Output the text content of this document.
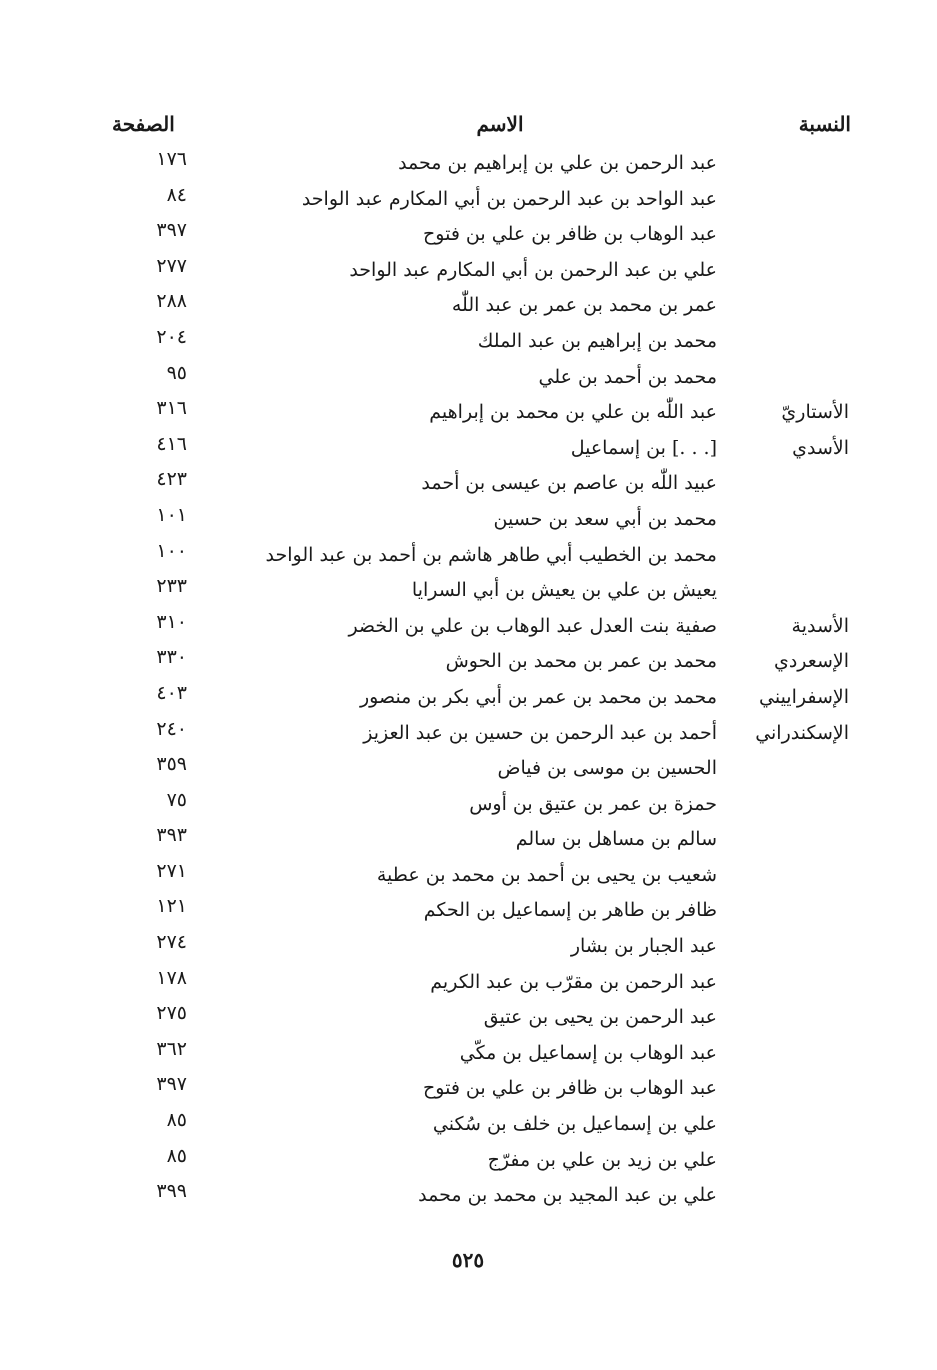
النسبة
الاسم
الصفحة
عبد الرحمن بن علي بن إبراهيم بن محمد
١٧٦
عبد الواحد بن عبد الرحمن بن أبي المكارم عبد الواحد
٨٤
عبد الوهاب بن ظافر بن علي بن فتوح
٣٩٧
علي بن عبد الرحمن بن أبي المكارم عبد الواحد
٢٧٧
عمر بن محمد بن عمر بن عبد اللّٰه
٢٨٨
محمد بن إبراهيم بن عبد الملك
٢٠٤
محمد بن أحمد بن علي
٩٥
الأستاريّ
عبد اللّٰه بن علي بن محمد بن إبراهيم
٣١٦
الأسدي
[. . .] بن إسماعيل
٤١٦
عبيد اللّٰه بن عاصم بن عيسى بن أحمد
٤٢٣
محمد بن أبي سعد بن حسين
١٠١
محمد بن الخطيب أبي طاهر هاشم بن أحمد بن عبد الواحد
١٠٠
يعيش بن علي بن يعيش بن أبي السرايا
٢٣٣
الأسدية
صفية بنت العدل عبد الوهاب بن علي بن الخضر
٣١٠
الإسعردي
محمد بن عمر بن محمد بن الحوش
٣٣٠
الإسفراييني
محمد بن محمد بن عمر بن أبي بكر بن منصور
٤٠٣
الإسكندراني
أحمد بن عبد الرحمن بن حسين بن عبد العزيز
٢٤٠
الحسين بن موسى بن فياض
٣٥٩
حمزة بن عمر بن عتيق بن أوس
٧٥
سالم بن مساهل بن سالم
٣٩٣
شعيب بن يحيى بن أحمد بن محمد بن عطية
٢٧١
ظافر بن طاهر بن إسماعيل بن الحكم
١٢١
عبد الجبار بن بشار
٢٧٤
عبد الرحمن بن مقرّب بن عبد الكريم
١٧٨
عبد الرحمن بن يحيى بن عتيق
٢٧٥
عبد الوهاب بن إسماعيل بن مكّي
٣٦٢
عبد الوهاب بن ظافر بن علي بن فتوح
٣٩٧
علي بن إسماعيل بن خلف بن سُكني
٨٥
علي بن زيد بن علي بن مفرّج
٨٥
علي بن عبد المجيد بن محمد بن محمد
٣٩٩
٥٢٥
